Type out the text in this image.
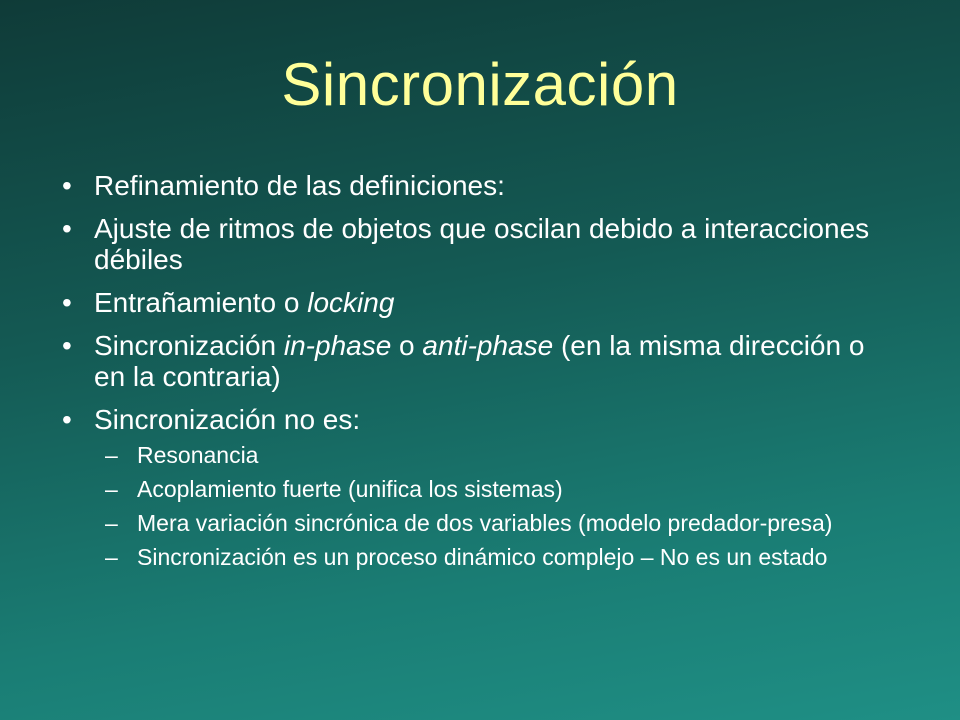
Sincronización
• Refinamiento de las definiciones:
• Ajuste de ritmos de objetos que oscilan debido a interacciones débiles
• Entrañamiento o locking
• Sincronización in-phase o anti-phase (en la misma dirección o en la contraria)
• Sincronización no es:
– Resonancia
– Acoplamiento fuerte (unifica los sistemas)
– Mera variación sincrónica de dos variables (modelo predador-presa)
– Sincronización es un proceso dinámico complejo – No es un estado
